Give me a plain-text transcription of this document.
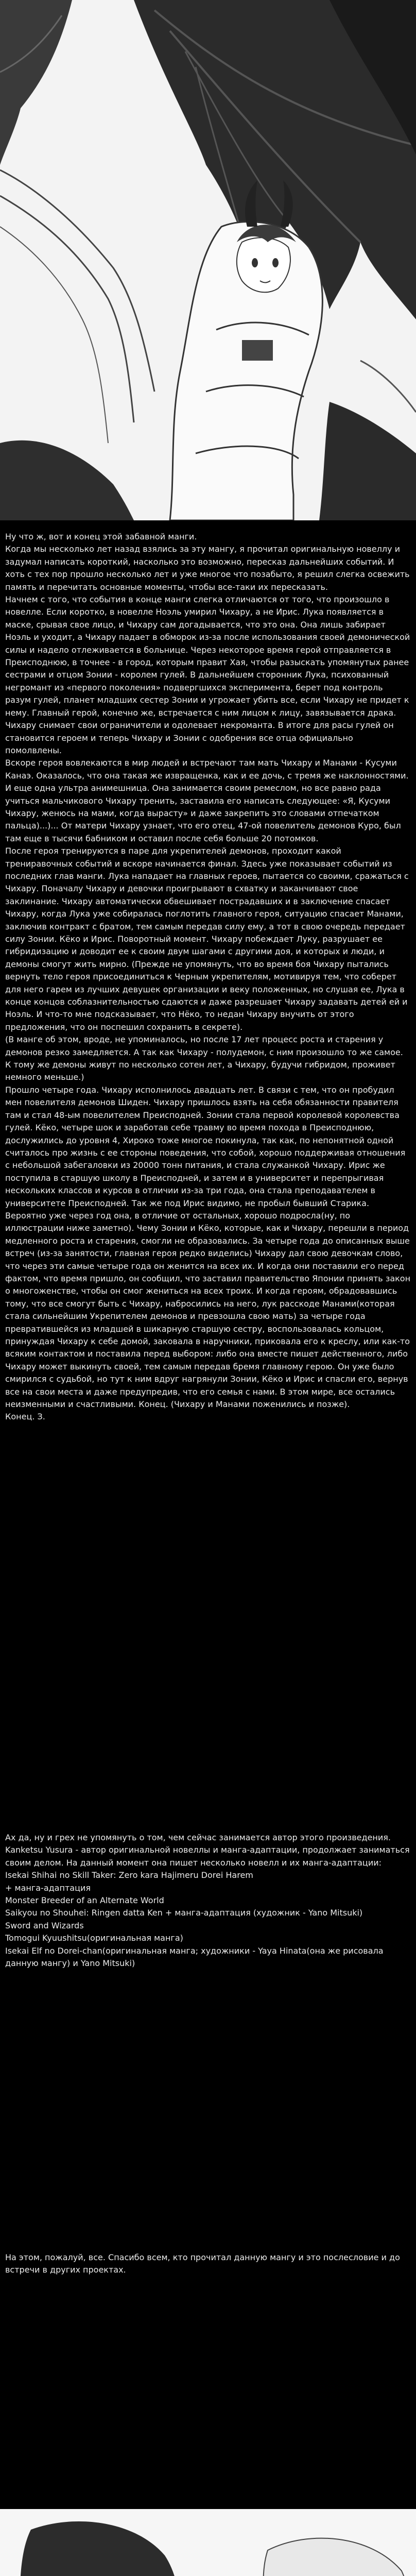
Ну что ж, вот и конец этой забавной манги.

Когда мы несколько лет назад взялись за эту мангу, я прочитал оригинальную новеллу и задумал написать короткий, насколько это возможно, пересказ дальнейших событий. И хоть с тех пор прошло несколько лет и уже многое что позабыто, я решил слегка освежить память и перечитать основные моменты, чтобы все-таки их пересказать.

Начнем с того, что события в конце манги слегка отличаются от того, что произошло в новелле. Если коротко, в новелле Ноэль умирил Чихару, а не Ирис. Лука появляется в маске, срывая свое лицо, и Чихару сам догадывается, что это она. Она лишь забирает Ноэль и уходит, а Чихару падает в обморок из-за после использования своей демонической силы и надело отлеживается в больнице. Через некоторое время герой отправляется в Преисподнюю, в точнее - в город, которым правит Хая, чтобы разыскать упомянутых ранее сестрами и отцом Зонии - королем гулей. В дальнейшем сторонник Лукa, психованный негромант из «первого поколения» подвергшихся эксперимента, берет под контроль разум гулей, планет младших сестер Зонии и угрожает убить все, если Чихару не придет к нему. Главный герой, конечно же, встречается с ним лицом к лицу, завязывается драка. Чихару снимает свои ограничители и одолевает некроманта. В итоге для расы гулей он становится героем и теперь Чихару и Зонии с одобрения все отца официально помолвлены.

Вскоре героя вовлекаются в мир людей и встречают там мать Чихару и Манами - Кусуми Канаэ. Оказалось, что она такая же извращенка, как и ее дочь, с тремя же наклонностями. И еще одна ультра анимешница. Она занимается своим ремеслом, но все равно рада учиться мальчикового Чихару тренить, заставила его написать следующее: «Я, Кусуми Чихару, женюсь на мами, когда вырасту» и даже закрепить это словами отпечатком пальца)...)... От матери Чихару узнает, что его отец, 47-ой повелитель демонов Куро, был там еще в тысячи бабником и оставил после себя больше 20 потомков.

После героя тренируются в паре для укрепителей демонов, проходит какой трениравочных событий и вскоре начинается финал. Здесь уже показывает событий из последних глав манги. Лука нападает на главных героев, пытается со своими, сражаться с Чихару. Поначалу Чихару и девочки проигрывают в схватку и заканчивают свое заклинание. Чихару автоматически обвешивает пострадавших и в заключение спасает Чихару, когда Лука уже собиралась поглотить главного героя, ситуацию спасает Манами, заключив контракт с братом, тем самым передав силу ему, а тот в свою очередь передает силу Зонии. Кёко и Ирис. Поворотный момент. Чихару побеждает Луку, разрушает ее гибридизацию и доводит ее к своим двум шагами с другими доя, и которых и люди, и демоны смогут жить мирно. (Прежде не упомянуть, что во время боя Чихару пытались вернуть тело героя присоединиться к Черным укрепителям, мотивируя тем, что соберет для него гарем из лучших девушек организации и веку положенных, но слушая ее, Лука в конце концов соблазнительностью сдаются и даже разрешает Чихару задавать детей ей и Ноэль. И что-то мне подсказывает, что Нёко, то недан Чихару внучить от этого предложения, что он поспешил сохранить в секрете).

(В манге об этом, вроде, не упоминалось, но после 17 лет процесс роста и старения у демонов резко замедляется. А так как Чихару - полудемон, с ним произошло то же самое. К тому же демоны живут по несколько сотен лет, а Чихару, будучи гибридом, проживет немного меньше.)

Прошло четыре года. Чихару исполнилось двадцать лет. В связи с тем, что он пробудил мен повелителя демонов Шиден. Чихару пришлось взять на себя обязанности правителя там и стал 48-ым повелителем Преисподней. Зонии стала первой королевой королевства гулей. Кёко, четыре шок и заработав себе травму во время похода в Преисподнюю, дослужились до уровня 4, Хироко тоже многое покинула, так как, по непонятной одной считалось про жизнь с ее стороны поведения, что собой, хорошо поддерживая отношения с небольшой забегаловки из 20000 тонн питания, и стала служанкой Чихару. Ирис же поступила в старшую школу в Преисподней, и затем и в университет и перепрыгивая нескольких классов и курсов в отличии из-за три года, она стала преподавателем в университете Преисподней. Так же под Ирис видимо, не пробыл бывший Старика. Вероятно уже через год она, в отличие от остальных, хорошо подросла(ну, по иллюстрации ниже заметно). Чему Зонии и Кёко, которые, как и Чихару, перешли в период медленного роста и старения, смогли не образовались. За четыре года до описанных выше встреч (из-за занятости, главная героя редко виделись) Чихару дал свою девочкам слово, что через эти самые четыре года он женится на всех их. И когда они поставили его перед фактом, что время пришло, он сообщил, что заставил правительство Японии принять закон о многоженстве, чтобы он смог жениться на всех троих. И когда героям, обрадовавшись тому, что все смогут быть с Чихару, набросились на него, лук расскоде Манами(которая стала сильнейшим Укрепителем демонов и превзошла свою мать) за четыре года превратившейся из младшей в шикарную старшую сестру, воспользовалась кольцом, принуждая Чихару к себе домой, заковала в наручники, приковала его к креслу, или как-то всяким контактом и поставила перед выбором: либо она вместе пишет действенного, либо Чихару может выкинуть своей, тем самым передав бремя главному герою. Он уже было смирился с судьбой, но тут к ним вдруг нагрянули Зонии, Кёко и Ирис и спасли его, вернув все на свои места и даже предупредив, что его семья с нами. В этом мире, все остались неизменными и счастливыми. Конец. (Чихару и Манами поженились и позже).

Конец. З.

Ах да, ну и грех не упомянуть о том, чем сейчас занимается автор этого произведения.

Kanketsu Yusura - автор оригинальной новеллы и манга-адаптации, продолжает заниматься своим делом. На данный момент она пишет несколько новелл и их манга-адаптации:

Isekai Shihai no Skill Taker: Zero kara Hajimeru Dorei Harem

+ манга-адаптация

Monster Breeder of an Alternate World

Saikyou no Shouhei: Ringen datta Ken + манга-адаптация (художник - Yano Mitsuki)

Sword and Wizards

Tomogui Kyuushitsu(оригинальная манга)

Isekai Elf no Dorei-chan(оригинальная манга; художники - Yaya Hinata(она же рисовала данную мангу) и Yano Mitsuki)

На этом, пожалуй, все. Спасибо всем, кто прочитал данную мангу и это послесловие и до встречи в других проектах.
